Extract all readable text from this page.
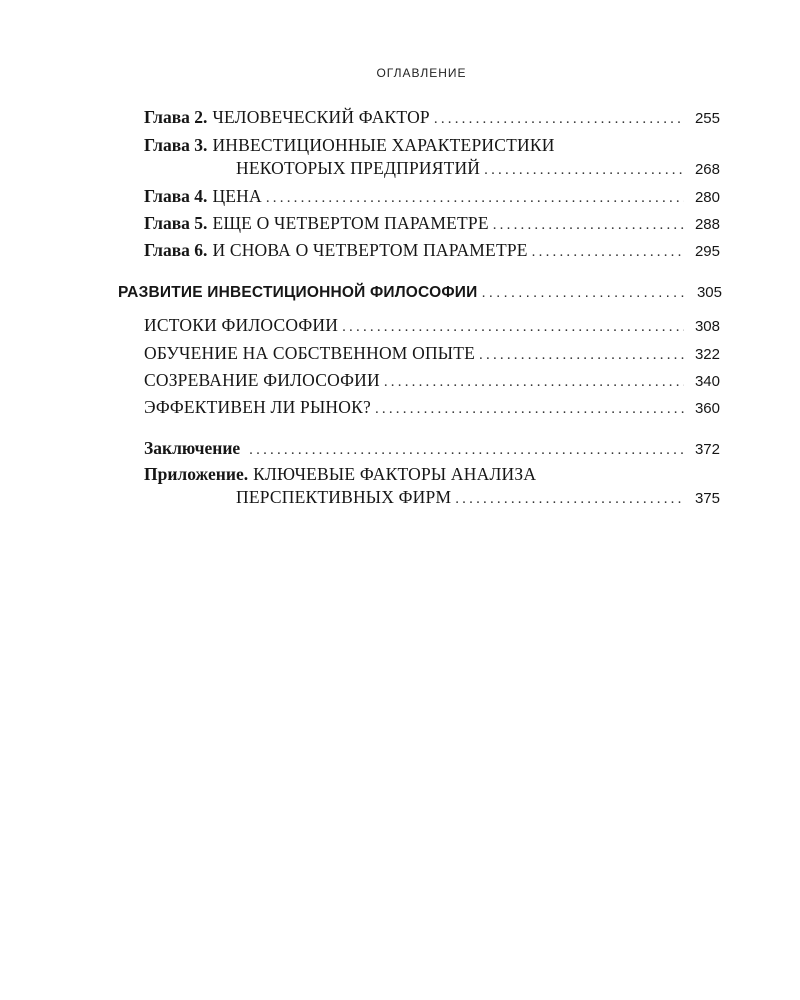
ОГЛАВЛЕНИЕ
Глава 2. ЧЕЛОВЕЧЕСКИЙ ФАКТОР .....	255
Глава 3. ИНВЕСТИЦИОННЫЕ ХАРАКТЕРИСТИКИ
НЕКОТОРЫХ ПРЕДПРИЯТИЙ .....	268
Глава 4. ЦЕНА .....	280
Глава 5. ЕЩЕ О ЧЕТВЕРТОМ ПАРАМЕТРЕ .....	288
Глава 6. И СНОВА О ЧЕТВЕРТОМ ПАРАМЕТРЕ .....	295
РАЗВИТИЕ ИНВЕСТИЦИОННОЙ ФИЛОСОФИИ .....	305
ИСТОКИ ФИЛОСОФИИ .....	308
ОБУЧЕНИЕ НА СОБСТВЕННОМ ОПЫТЕ .....	322
СОЗРЕВАНИЕ ФИЛОСОФИИ .....	340
ЭФФЕКТИВЕН ЛИ РЫНОК? .....	360
Заключение .....	372
Приложение. КЛЮЧЕВЫЕ ФАКТОРЫ АНАЛИЗА
ПЕРСПЕКТИВНЫХ ФИРМ .....	375
